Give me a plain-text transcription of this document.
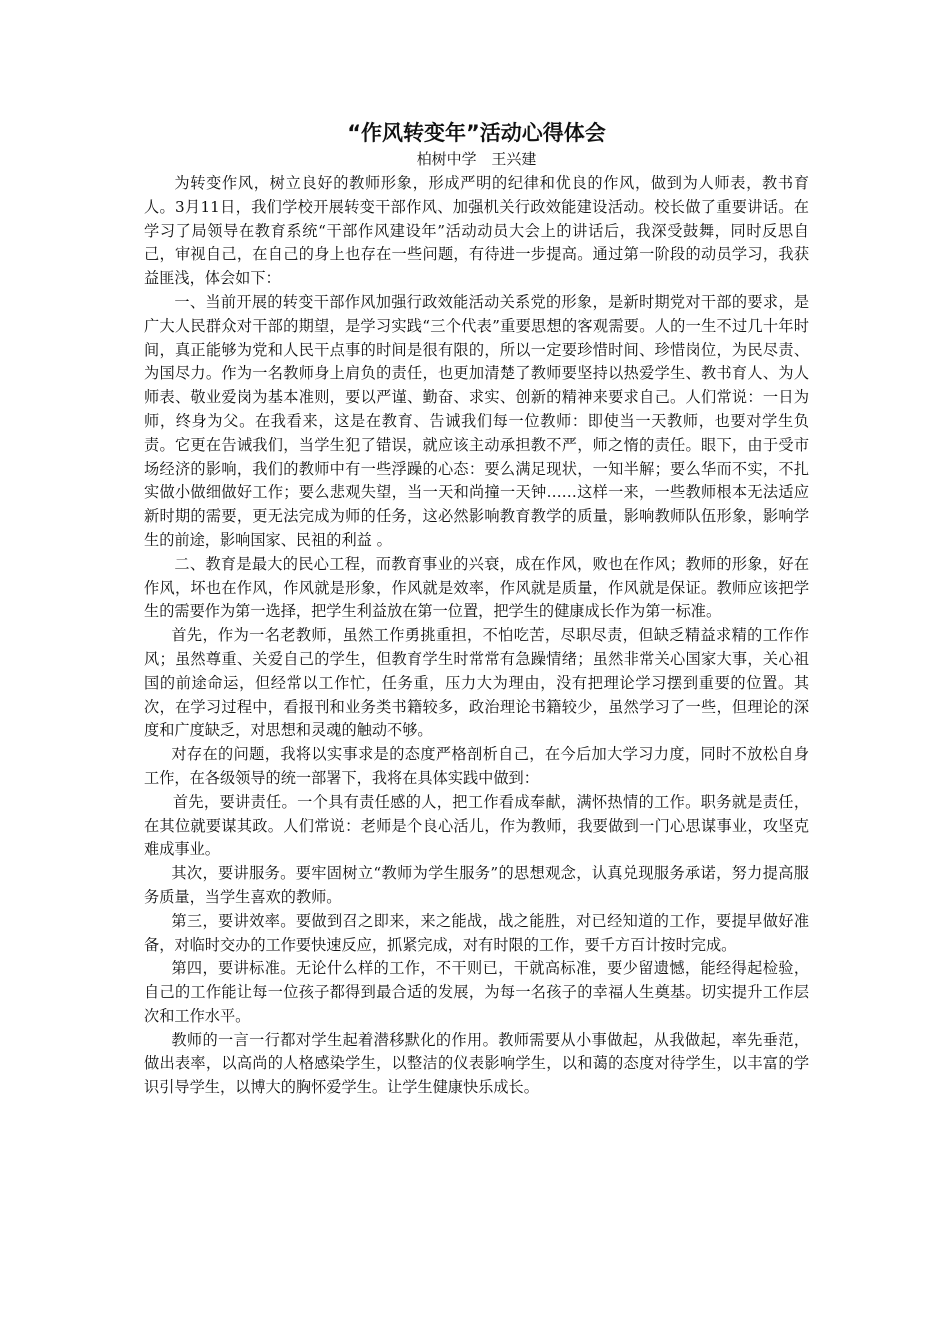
“作风转变年”活动心得体会

柏树中学 王兴建

为转变作风，树立良好的教师形象，形成严明的纪律和优良的作风，做到为人师表，教书育人。3月11日，我们学校开展转变干部作风、加强机关行政效能建设活动。校长做了重要讲话。在学习了局领导在教育系统“干部作风建设年”活动动员大会上的讲话后，我深受鼓舞，同时反思自己，审视自己，在自己的身上也存在一些问题，有待进一步提高。通过第一阶段的动员学习，我获益匪浅，体会如下：

一、当前开展的转变干部作风加强行政效能活动关系党的形象，是新时期党对干部的要求，是广大人民群众对干部的期望，是学习实践“三个代表”重要思想的客观需要。人的一生不过几十年时间，真正能够为党和人民干点事的时间是很有限的，所以一定要珍惜时间、珍惜岗位，为民尽责、为国尽力。作为一名教师身上肩负的责任，也更加清楚了教师要坚持以热爱学生、教书育人、为人师表、敬业爱岗为基本准则，要以严谨、勤奋、求实、创新的精神来要求自己。人们常说：一日为师，终身为父。在我看来，这是在教育、告诫我们每一位教师：即使当一天教师，也要对学生负责。它更在告诫我们，当学生犯了错误，就应该主动承担教不严，师之惰的责任。眼下，由于受市场经济的影响，我们的教师中有一些浮躁的心态：要么满足现状，一知半解；要么华而不实，不扎实做小做细做好工作；要么悲观失望，当一天和尚撞一天钟……这样一来，一些教师根本无法适应新时期的需要，更无法完成为师的任务，这必然影响教育教学的质量，影响教师队伍形象，影响学生的前途，影响国家、民祖的利益 。

二、教育是最大的民心工程，而教育事业的兴衰，成在作风，败也在作风；教师的形象，好在作风，坏也在作风，作风就是形象，作风就是效率，作风就是质量，作风就是保证。教师应该把学生的需要作为第一选择，把学生利益放在第一位置，把学生的健康成长作为第一标准。

首先，作为一名老教师，虽然工作勇挑重担，不怕吃苦，尽职尽责，但缺乏精益求精的工作作风；虽然尊重、关爱自己的学生，但教育学生时常常有急躁情绪；虽然非常关心国家大事，关心祖国的前途命运，但经常以工作忙，任务重，压力大为理由，没有把理论学习摆到重要的位置。其次，在学习过程中，看报刊和业务类书籍较多，政治理论书籍较少，虽然学习了一些，但理论的深度和广度缺乏，对思想和灵魂的触动不够。

对存在的问题，我将以实事求是的态度严格剖析自己，在今后加大学习力度，同时不放松自身工作，在各级领导的统一部署下，我将在具体实践中做到：

首先，要讲责任。一个具有责任感的人，把工作看成奉献，满怀热情的工作。职务就是责任，在其位就要谋其政。人们常说：老师是个良心活儿，作为教师，我要做到一门心思谋事业，攻坚克难成事业。

其次，要讲服务。要牢固树立“教师为学生服务”的思想观念，认真兑现服务承诺，努力提高服务质量，当学生喜欢的教师。

第三，要讲效率。要做到召之即来，来之能战，战之能胜，对已经知道的工作，要提早做好准备，对临时交办的工作要快速反应，抓紧完成，对有时限的工作，要千方百计按时完成。

第四，要讲标准。无论什么样的工作，不干则已，干就高标准，要少留遗憾，能经得起检验，自己的工作能让每一位孩子都得到最合适的发展，为每一名孩子的幸福人生奠基。切实提升工作层次和工作水平。

教师的一言一行都对学生起着潜移默化的作用。教师需要从小事做起，从我做起，率先垂范，做出表率，以高尚的人格感染学生，以整洁的仪表影响学生，以和蔼的态度对待学生，以丰富的学识引导学生，以博大的胸怀爱学生。让学生健康快乐成长。
